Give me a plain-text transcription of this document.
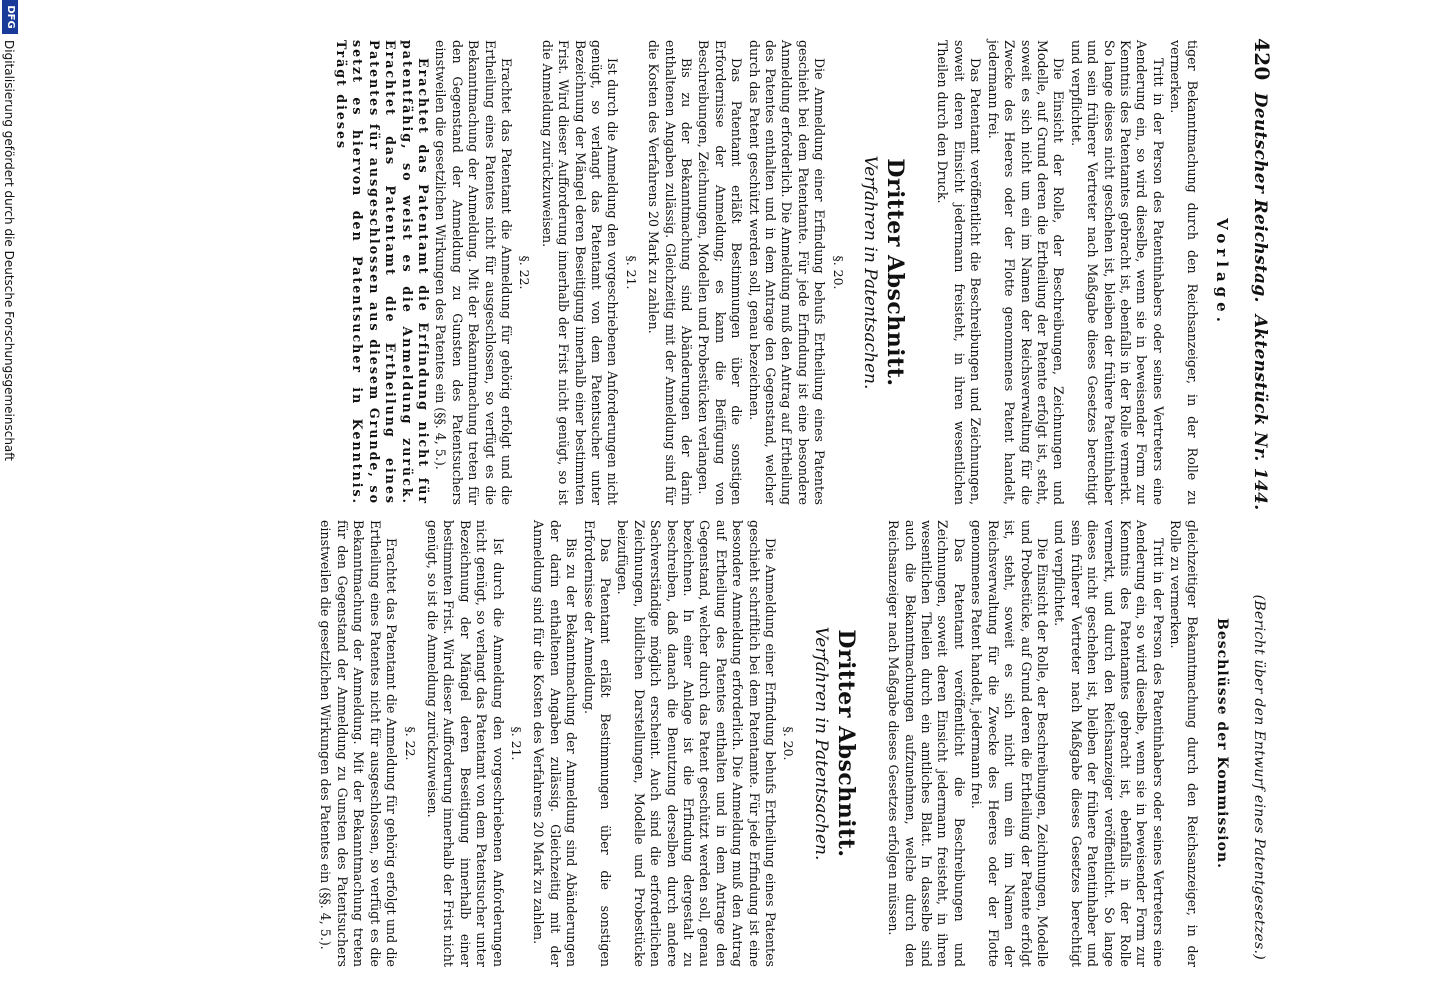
420
Deutscher Reichstag.
Aktenstück Nr. 144.
(Bericht über den Entwurf eines Patentgesetzes.)
Vorlage.

tiger Bekanntmachung durch den Reichsanzeiger, in der Rolle zu vermerken.

Tritt in der Person des Patentinhabers oder seines Vertreters eine Aenderung ein, so wird dieselbe, wenn sie in beweisender Form zur Kenntnis des Patentamtes gebracht ist, ebenfalls in der Rolle vermerkt. So lange dieses nicht geschehen ist, bleiben der frühere Patentinhaber und sein früherer Vertreter nach Maßgabe dieses Gesetzes berechtigt und verpflichtet.

Die Einsicht der Rolle, der Beschreibungen, Zeichnungen und Modelle, auf Grund deren die Ertheilung der Patente erfolgt ist, steht, soweit es sich nicht um ein im Namen der Reichsverwaltung für die Zwecke des Heeres oder der Flotte genommenes Patent handelt, jedermann frei.

Das Patentamt veröffentlicht die Beschreibungen und Zeichnungen, soweit deren Einsicht jedermann freisteht, in ihren wesentlichen Theilen durch den Druck.

Dritter Abschnitt.
Verfahren in Patentsachen.
§. 20.

Die Anmeldung einer Erfindung behufs Ertheilung eines Patentes geschieht bei dem Patentamte. Für jede Erfindung ist eine besondere Anmeldung erforderlich. Die Anmeldung muß den Antrag auf Ertheilung des Patentes enthalten und in dem Antrage den Gegenstand, welcher durch das Patent geschützt werden soll, genau bezeichnen.

Das Patentamt erläßt Bestimmungen über die sonstigen Erfordernisse der Anmeldung; es kann die Beifügung von Beschreibungen, Zeichnungen, Modellen und Probestücken verlangen.

Bis zu der Bekanntmachung sind Abänderungen der darin enthaltenen Angaben zulässig. Gleichzeitig mit der Anmeldung sind für die Kosten des Verfahrens 20 Mark zu zahlen.

§. 21.

Ist durch die Anmeldung den vorgeschriebenen Anforderungen nicht genügt, so verlangt das Patentamt von dem Patentsucher unter Bezeichnung der Mängel deren Beseitigung innerhalb einer bestimmten Frist. Wird dieser Aufforderung innerhalb der Frist nicht genügt, so ist die Anmeldung zurückzuweisen.

§. 22.

Erachtet das Patentamt die Anmeldung für gehörig erfolgt und die Ertheilung eines Patentes nicht für ausgeschlossen, so verfügt es die Bekanntmachung der Anmeldung. Mit der Bekanntmachung treten für den Gegenstand der Anmeldung zu Gunsten des Patentsuchers einstweilen die gesetzlichen Wirkungen des Patentes ein (§§. 4, 5.).

Erachtet das Patentamt die Erfindung nicht für patentfähig, so weist es die Anmeldung zurück. Erachtet das Patentamt die Ertheilung eines Patentes für ausgeschlossen aus diesem Grunde, so setzt es hiervon den Patentsucher in Kenntnis. Trägt dieses

Beschlüsse der Kommission.

gleichzeitiger Bekanntmachung durch den Reichsanzeiger, in der Rolle zu vermerken.

Tritt in der Person des Patentinhabers oder seines Vertreters eine Aenderung ein, so wird dieselbe, wenn sie in beweisender Form zur Kenntnis des Patentamtes gebracht ist, ebenfalls in der Rolle vermerkt, und durch den Reichsanzeiger veröffentlicht. So lange dieses nicht geschehen ist, bleiben der frühere Patentinhaber und sein früherer Vertreter nach Maßgabe dieses Gesetzes berechtigt und verpflichtet.

Die Einsicht der Rolle, der Beschreibungen, Zeichnungen, Modelle und Probestücke, auf Grund deren die Ertheilung der Patente erfolgt ist, steht, soweit es sich nicht um ein im Namen der Reichsverwaltung für die Zwecke des Heeres oder der Flotte genommenes Patent handelt, jedermann frei.

Das Patentamt veröffentlicht die Beschreibungen und Zeichnungen, soweit deren Einsicht jedermann freisteht, in ihren wesentlichen Theilen durch ein amtliches Blatt. In dasselbe sind auch die Bekanntmachungen aufzunehmen, welche durch den Reichsanzeiger nach Maßgabe dieses Gesetzes erfolgen müssen.

Dritter Abschnitt.
Verfahren in Patentsachen.
§. 20.

Die Anmeldung einer Erfindung behufs Ertheilung eines Patentes geschieht schriftlich bei dem Patentamte. Für jede Erfindung ist eine besondere Anmeldung erforderlich. Die Anmeldung muß den Antrag auf Ertheilung des Patentes enthalten und in dem Antrage den Gegenstand, welcher durch das Patent geschützt werden soll, genau bezeichnen. In einer Anlage ist die Erfindung dergestalt zu beschreiben, daß danach die Benutzung derselben durch andere Sachverständige möglich erscheint. Auch sind die erforderlichen Zeichnungen, bildlichen Darstellungen, Modelle und Probestücke beizufügen.

Das Patentamt erläßt Bestimmungen über die sonstigen Erfordernisse der Anmeldung.

Bis zu der Bekanntmachung der Anmeldung sind Abänderungen der darin enthaltenen Angaben zulässig. Gleichzeitig mit der Anmeldung sind für die Kosten des Verfahrens 20 Mark zu zahlen.

§. 21.

Ist durch die Anmeldung den vorgeschriebenen Anforderungen nicht genügt, so verlangt das Patentamt von dem Patentsucher unter Bezeichnung der Mängel deren Beseitigung innerhalb einer bestimmten Frist. Wird dieser Aufforderung innerhalb der Frist nicht genügt, so ist die Anmeldung zurückzuweisen.

§. 22.

Erachtet das Patentamt die Anmeldung für gehörig erfolgt und die Ertheilung eines Patentes nicht für ausgeschlossen, so verfügt es die Bekanntmachung der Anmeldung. Mit der Bekanntmachung treten für den Gegenstand der Anmeldung zu Gunsten des Patentsuchers einstweilen die gesetzlichen Wirkungen des Patentes ein (§§. 4, 5.).

DFG
Digitalisierung gefördert durch die Deutsche Forschungsgemeinschaft
